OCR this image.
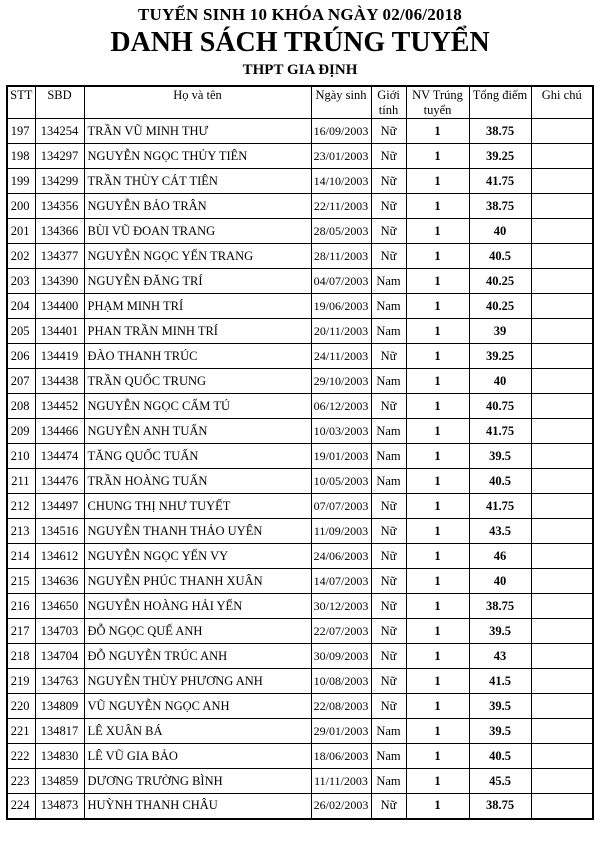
TUYỂN SINH 10 KHÓA NGÀY 02/06/2018
DANH SÁCH TRÚNG TUYỂN
THPT GIA ĐỊNH
STT	SBD	Họ và tên	Ngày sinh	Giới tính	NV Trúng tuyển	Tổng điểm	Ghi chú
197	134254	TRẦN VŨ MINH THƯ	16/09/2003	Nữ	1	38.75	
198	134297	NGUYỄN NGỌC THỦY TIÊN	23/01/2003	Nữ	1	39.25	
199	134299	TRẦN THÙY CÁT TIÊN	14/10/2003	Nữ	1	41.75	
200	134356	NGUYỄN BẢO TRÂN	22/11/2003	Nữ	1	38.75	
201	134366	BÙI VŨ ĐOAN TRANG	28/05/2003	Nữ	1	40	
202	134377	NGUYỄN NGỌC YẾN TRANG	28/11/2003	Nữ	1	40.5	
203	134390	NGUYỄN ĐĂNG TRÍ	04/07/2003	Nam	1	40.25	
204	134400	PHẠM MINH TRÍ	19/06/2003	Nam	1	40.25	
205	134401	PHAN TRẦN MINH TRÍ	20/11/2003	Nam	1	39	
206	134419	ĐÀO THANH TRÚC	24/11/2003	Nữ	1	39.25	
207	134438	TRẦN QUỐC TRUNG	29/10/2003	Nam	1	40	
208	134452	NGUYỄN NGỌC CẨM TÚ	06/12/2003	Nữ	1	40.75	
209	134466	NGUYỄN ANH TUẤN	10/03/2003	Nam	1	41.75	
210	134474	TĂNG QUỐC TUẤN	19/01/2003	Nam	1	39.5	
211	134476	TRẦN HOÀNG TUẤN	10/05/2003	Nam	1	40.5	
212	134497	CHUNG THỊ NHƯ TUYẾT	07/07/2003	Nữ	1	41.75	
213	134516	NGUYỄN THANH THẢO UYÊN	11/09/2003	Nữ	1	43.5	
214	134612	NGUYỄN NGỌC YẾN VY	24/06/2003	Nữ	1	46	
215	134636	NGUYỄN PHÚC THANH XUÂN	14/07/2003	Nữ	1	40	
216	134650	NGUYỄN HOÀNG HẢI YẾN	30/12/2003	Nữ	1	38.75	
217	134703	ĐỖ NGỌC QUẾ ANH	22/07/2003	Nữ	1	39.5	
218	134704	ĐỖ NGUYỄN TRÚC ANH	30/09/2003	Nữ	1	43	
219	134763	NGUYỄN THÙY PHƯƠNG ANH	10/08/2003	Nữ	1	41.5	
220	134809	VŨ NGUYỄN NGỌC ANH	22/08/2003	Nữ	1	39.5	
221	134817	LÊ XUÂN BÁ	29/01/2003	Nam	1	39.5	
222	134830	LÊ VŨ GIA BẢO	18/06/2003	Nam	1	40.5	
223	134859	DƯƠNG TRƯỜNG BÌNH	11/11/2003	Nam	1	45.5	
224	134873	HUỲNH THANH CHÂU	26/02/2003	Nữ	1	38.75	
